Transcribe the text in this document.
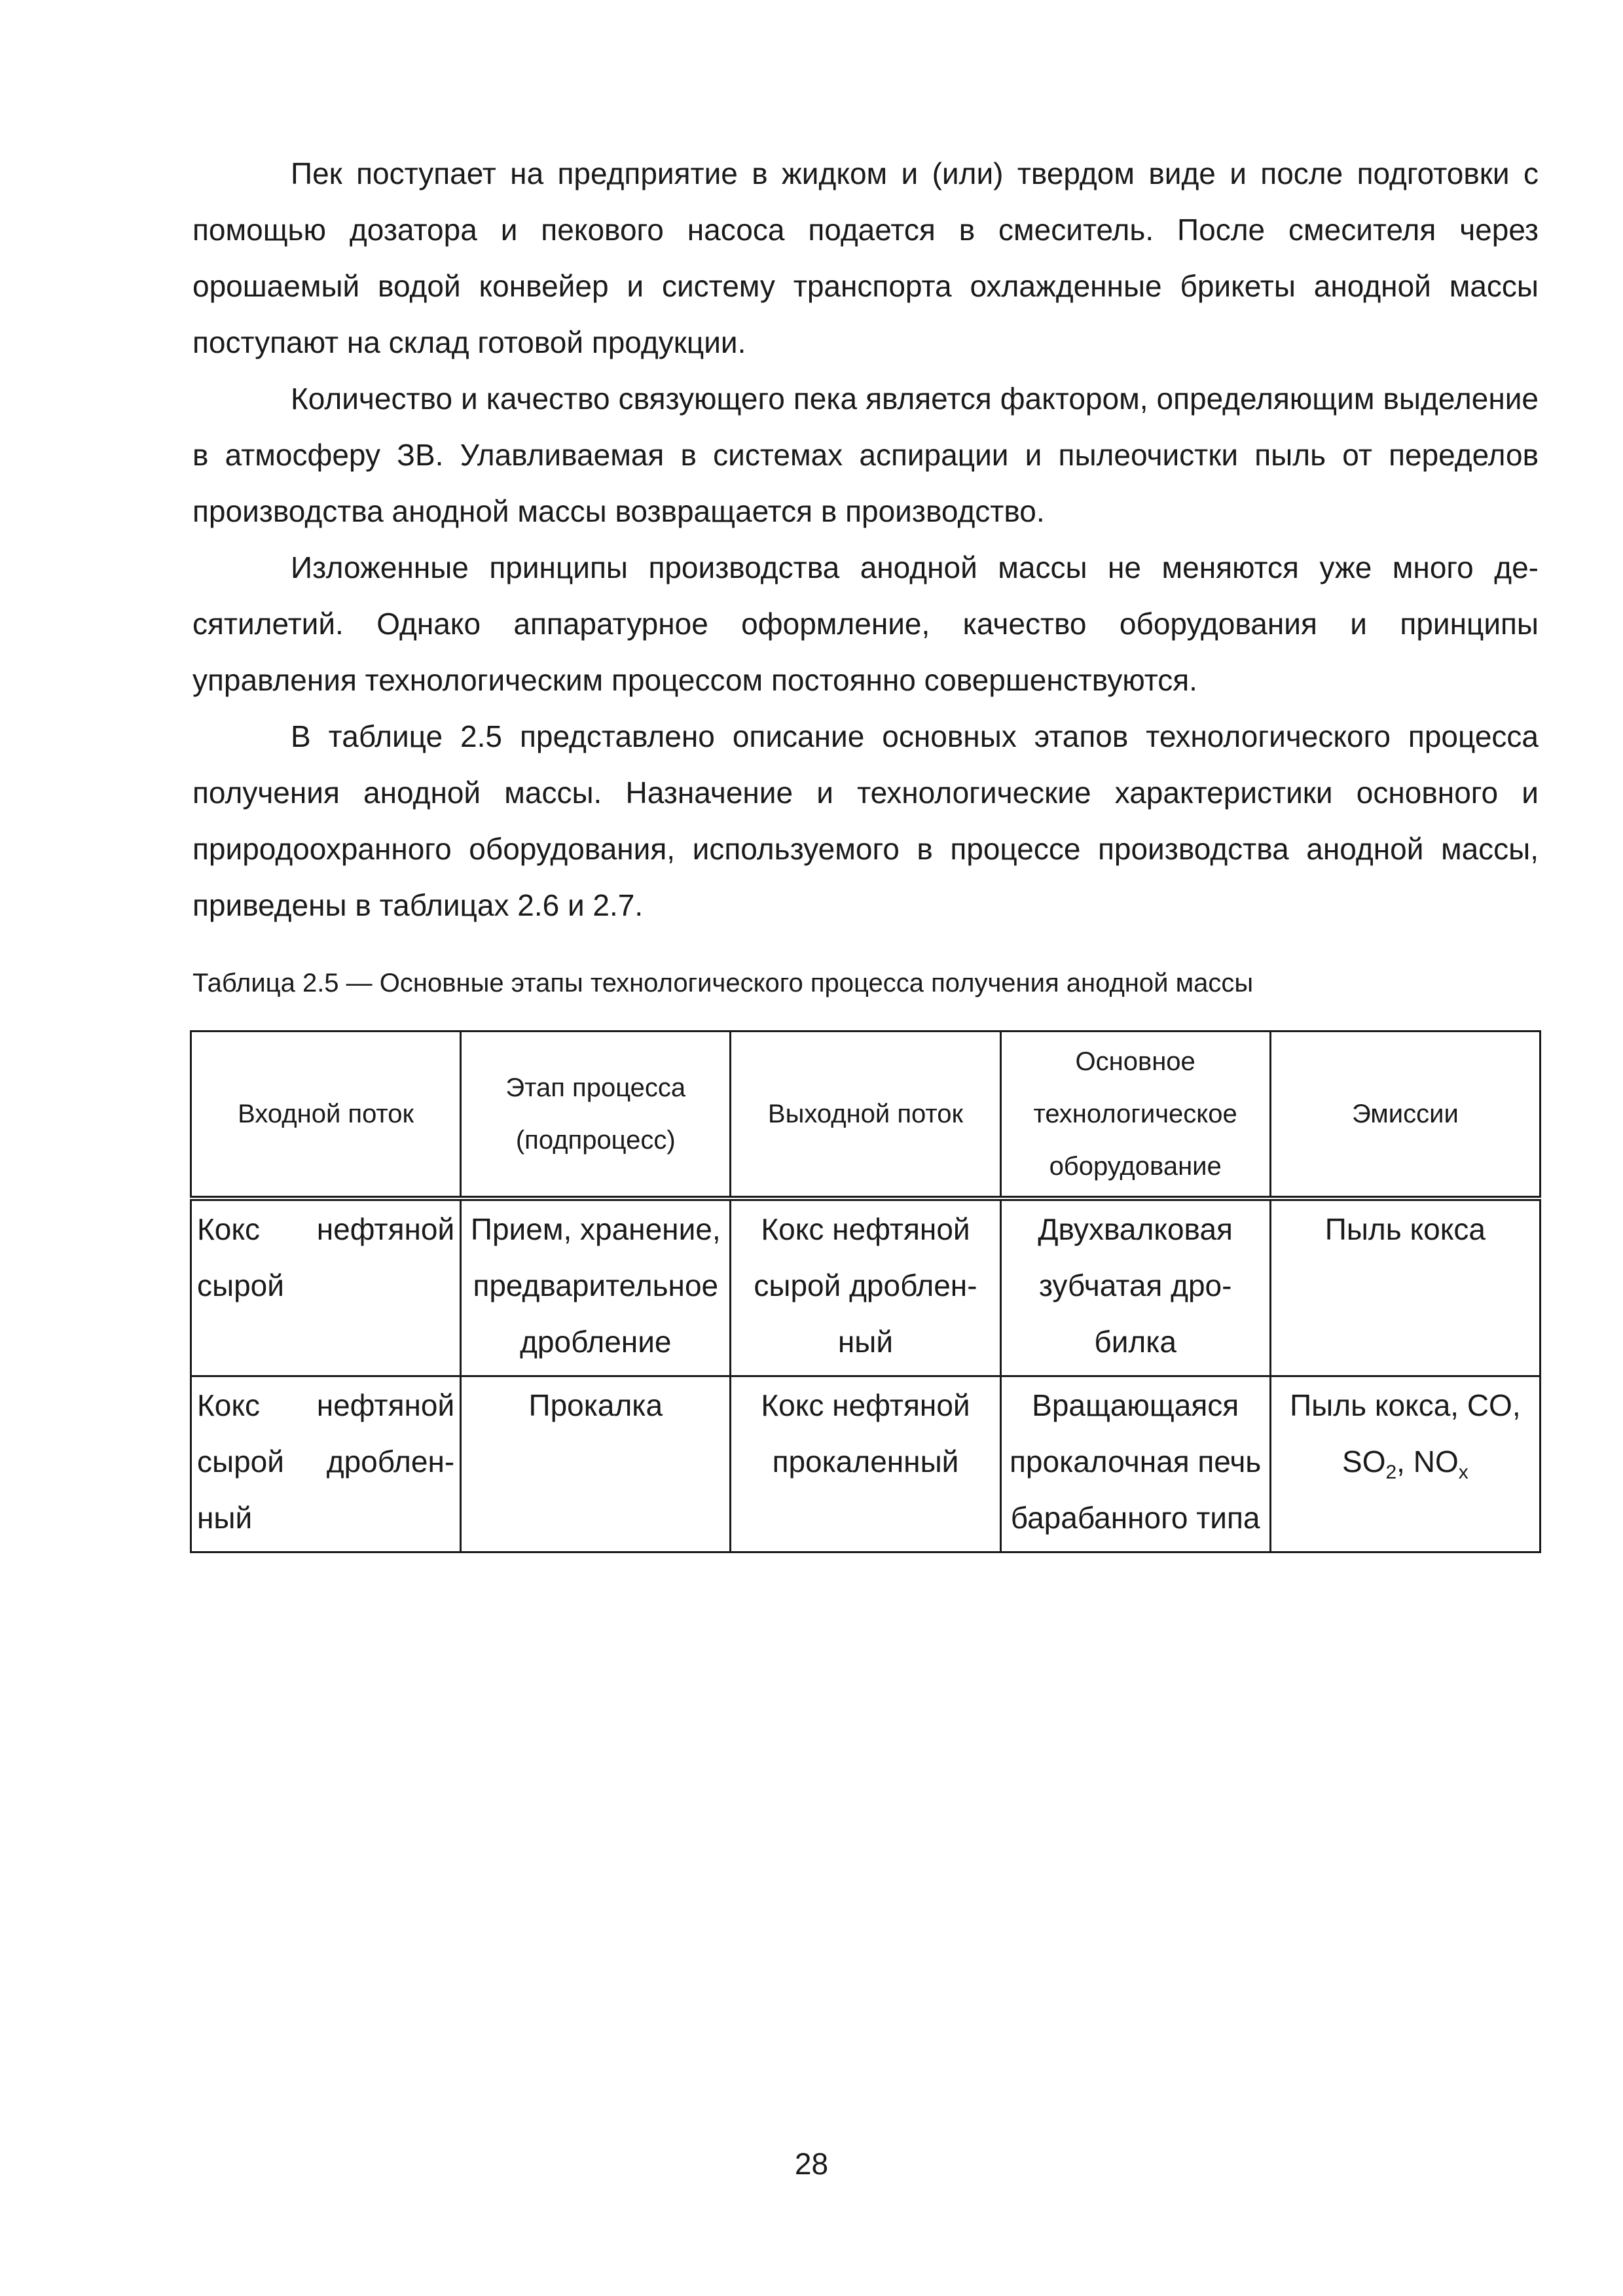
Пек поступает на предприятие в жидком и (или) твердом виде и после подготовки с помощью дозатора и пекового насоса подается в смеситель. После смесителя через орошаемый водой конвейер и систему транспорта охлажденные брикеты анодной массы поступают на склад готовой продукции.

Количество и качество связующего пека является фактором, определяющим выделение в атмосферу ЗВ. Улавливаемая в системах аспирации и пылеочистки пыль от переделов производства анодной массы возвращается в производство.

Изложенные принципы производства анодной массы не меняются уже много десятилетий. Однако аппаратурное оформление, качество оборудования и принципы управления технологическим процессом постоянно совершенствуются.

В таблице 2.5 представлено описание основных этапов технологического процесса получения анодной массы. Назначение и технологические характеристики основного и природоохранного оборудования, используемого в процессе производства анодной массы, приведены в таблицах 2.6 и 2.7.

Таблица 2.5 — Основные этапы технологического процесса получения анодной массы

Входной поток	Этап процесса (подпроцесс)	Выходной поток	Основное технологическое оборудование	Эмиссии
Кокс нефтяной сырой	Прием, хранение, предварительное дробление	Кокс нефтяной сырой дробленный	Двухвалковая зубчатая дробилка	Пыль кокса
Кокс нефтяной сырой дробленный	Прокалка	Кокс нефтяной прокаленный	Вращающаяся прокалочная печь барабанного типа	Пыль кокса, CO, $SO_2$, $NO_x$
28
